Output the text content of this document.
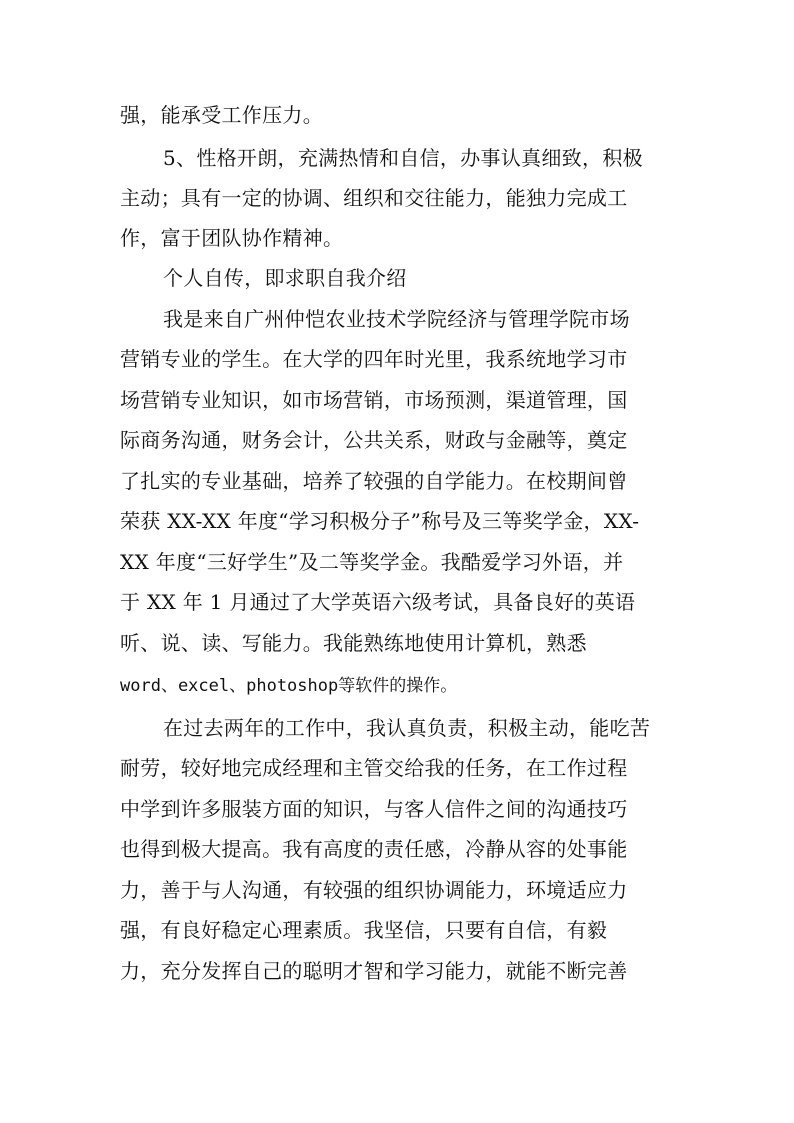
强，能承受工作压力。
5、性格开朗，充满热情和自信，办事认真细致，积极
主动；具有一定的协调、组织和交往能力，能独力完成工
作，富于团队协作精神。
个人自传，即求职自我介绍
我是来自广州仲恺农业技术学院经济与管理学院市场
营销专业的学生。在大学的四年时光里，我系统地学习市
场营销专业知识，如市场营销，市场预测，渠道管理，国
际商务沟通，财务会计，公共关系，财政与金融等，奠定
了扎实的专业基础，培养了较强的自学能力。在校期间曾
荣获 XX-XX 年度“学习积极分子”称号及三等奖学金，XX-
XX 年度“三好学生”及二等奖学金。我酷爱学习外语，并
于 XX 年 1 月通过了大学英语六级考试，具备良好的英语
听、说、读、写能力。我能熟练地使用计算机，熟悉
word、excel、photoshop等软件的操作。
在过去两年的工作中，我认真负责，积极主动，能吃苦
耐劳，较好地完成经理和主管交给我的任务，在工作过程
中学到许多服装方面的知识，与客人信件之间的沟通技巧
也得到极大提高。我有高度的责任感，冷静从容的处事能
力，善于与人沟通，有较强的组织协调能力，环境适应力
强，有良好稳定心理素质。我坚信，只要有自信，有毅
力，充分发挥自己的聪明才智和学习能力，就能不断完善
